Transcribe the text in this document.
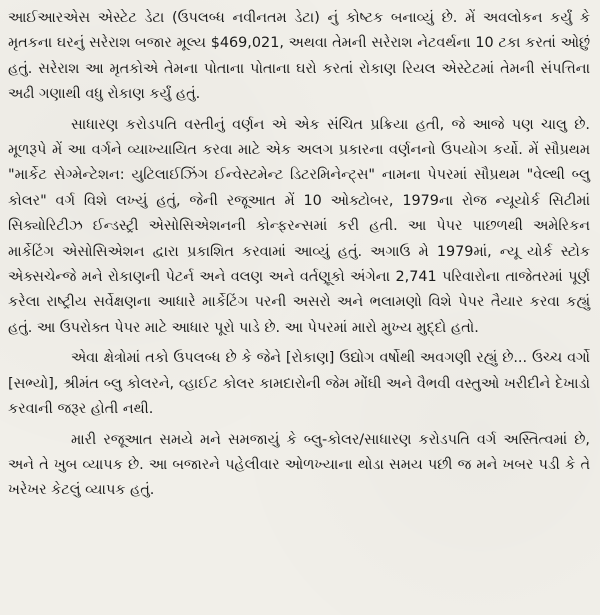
આઈઆરએસ એસ્ટેટ ડેટા (ઉપલબ્ધ નવીનતમ ડેટા) નું કોષ્ટક બનાવ્યું છે. મેં અવલોકન કર્યું કે મૃતકના ઘરનું સરેરાશ બજાર મૂલ્ય $469,021, અથવા તેમની સરેરાશ નેટવર્થના 10 ટકા કરતાં ઓછું હતું. સરેરાશ આ મૃતકોએ તેમના પોતાના પોતાના ઘરો કરતાં રોકાણ રિયલ એસ્ટેટમાં તેમની સંપત્તિના અઢી ગણાથી વધુ રોકાણ કર્યું હતું.

સાધારણ કરોડપતિ વસ્તીનું વર્ણન એ એક સંચિત પ્રક્રિયા હતી, જે આજે પણ ચાલુ છે. મૂળરૂપે મેં આ વર્ગને વ્યાખ્યાયિત કરવા માટે એક અલગ પ્રકારના વર્ણનનો ઉપયોગ કર્યો. મેં સૌપ્રથમ "માર્કેટ સેગ્મેન્ટેશન: યુટિલાઈઝિંગ ઈન્વેસ્ટમેન્ટ ડિટરમિનેન્ટ્સ" નામના પેપરમાં સૌપ્રથમ "વેલ્થી બ્લુ કોલર" વર્ગ વિશે લખ્યું હતું, જેની રજૂઆત મેં 10 ઓક્ટોબર, 1979ના રોજ ન્યૂયોર્ક સિટીમાં સિક્યોરિટીઝ ઈન્ડસ્ટ્રી એસોસિએશનની કોન્ફરન્સમાં કરી હતી. આ પેપર પાછળથી અમેરિકન માર્કેટિંગ એસોસિએશન દ્વારા પ્રકાશિત કરવામાં આવ્યું હતું. અગાઉ મે 1979માં, ન્યૂ યોર્ક સ્ટોક એક્સચેન્જે મને રોકાણની પેટર્ન અને વલણ અને વર્તણૂકો અંગેના 2,741 પરિવારોના તાજેતરમાં પૂર્ણ કરેલા રાષ્ટ્રીય સર્વેક્ષણના આધારે માર્કેટિંગ પરની અસરો અને ભલામણો વિશે પેપર તૈયાર કરવા કહ્યું હતું. આ ઉપરોક્ત પેપર માટે આધાર પૂરો પાડે છે. આ પેપરમાં મારો મુખ્ય મુદ્દો હતો.

એવા ક્ષેત્રોમાં તકો ઉપલબ્ધ છે કે જેને [રોકાણ] ઉદ્યોગ વર્ષોથી અવગણી રહ્યું છે... ઉચ્ચ વર્ગો [સભ્યો], શ્રીમંત બ્લુ કોલરને, વ્હાઈટ કોલર કામદારોની જેમ મોંઘી અને વૈભવી વસ્તુઓ ખરીદીને દેખાડો કરવાની જરૂર હોતી નથી.

મારી રજૂઆત સમયે મને સમજાયું કે બ્લુ-કોલર/સાધારણ કરોડપતિ વર્ગ અસ્તિત્વમાં છે, અને તે ખુબ વ્યાપક છે. આ બજારને પહેલીવાર ઓળખ્યાના થોડા સમય પછી જ મને ખબર પડી કે તે ખરેખર કેટલું વ્યાપક હતું.
